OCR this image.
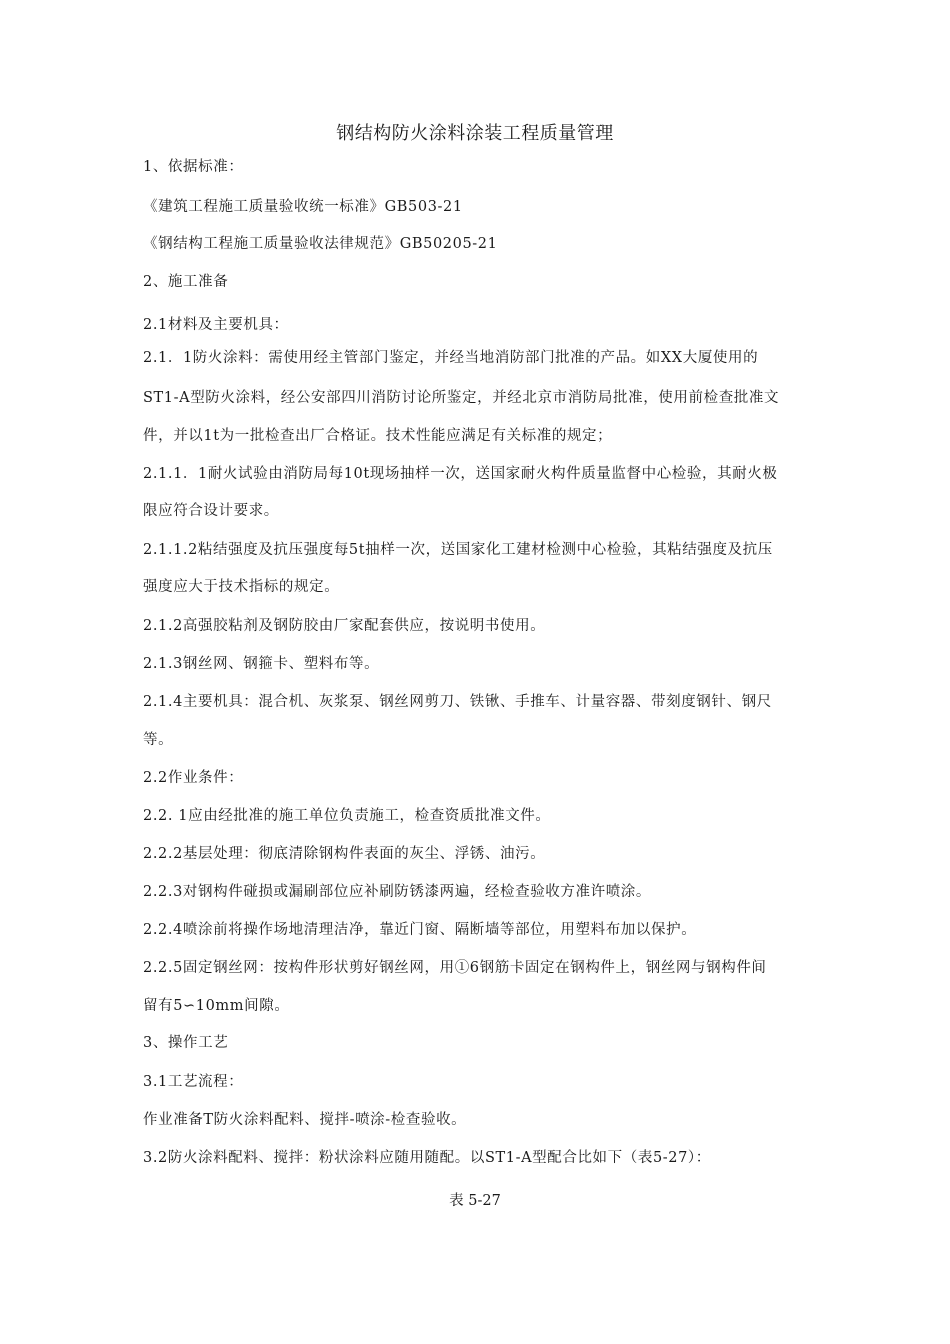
钢结构防火涂料涂装工程质量管理
1、依据标准：
《建筑工程施工质量验收统一标准》GB503-21
《钢结构工程施工质量验收法律规范》GB50205-21
2、施工准备
2.1材料及主要机具：
2.1．1防火涂料：需使用经主管部门鉴定，并经当地消防部门批准的产品。如XX大厦使用的
ST1-A型防火涂料，经公安部四川消防讨论所鉴定，并经北京市消防局批准，使用前检查批准文
件，并以1t为一批检查出厂合格证。技术性能应满足有关标准的规定；
2.1.1．1耐火试验由消防局每10t现场抽样一次，送国家耐火构件质量监督中心检验，其耐火极
限应符合设计要求。
2.1.1.2粘结强度及抗压强度每5t抽样一次，送国家化工建材检测中心检验，其粘结强度及抗压
强度应大于技术指标的规定。
2.1.2高强胶粘剂及钢防胶由厂家配套供应，按说明书使用。
2.1.3钢丝网、钢箍卡、塑料布等。
2.1.4主要机具：混合机、灰浆泵、钢丝网剪刀、铁锹、手推车、计量容器、带刻度钢针、钢尺
等。
2.2作业条件：
2.2. 1应由经批准的施工单位负责施工，检查资质批准文件。
2.2.2基层处理：彻底清除钢构件表面的灰尘、浮锈、油污。
2.2.3对钢构件碰损或漏刷部位应补刷防锈漆两遍，经检查验收方准许喷涂。
2.2.4喷涂前将操作场地清理洁净，靠近门窗、隔断墙等部位，用塑料布加以保护。
2.2.5固定钢丝网：按构件形状剪好钢丝网，用①6钢筋卡固定在钢构件上，钢丝网与钢构件间
留有5∽10mm间隙。
3、操作工艺
3.1工艺流程：
作业准备T防火涂料配料、搅拌-喷涂-检查验收。
3.2防火涂料配料、搅拌：粉状涂料应随用随配。以ST1-A型配合比如下（表5-27）：
表 5-27
